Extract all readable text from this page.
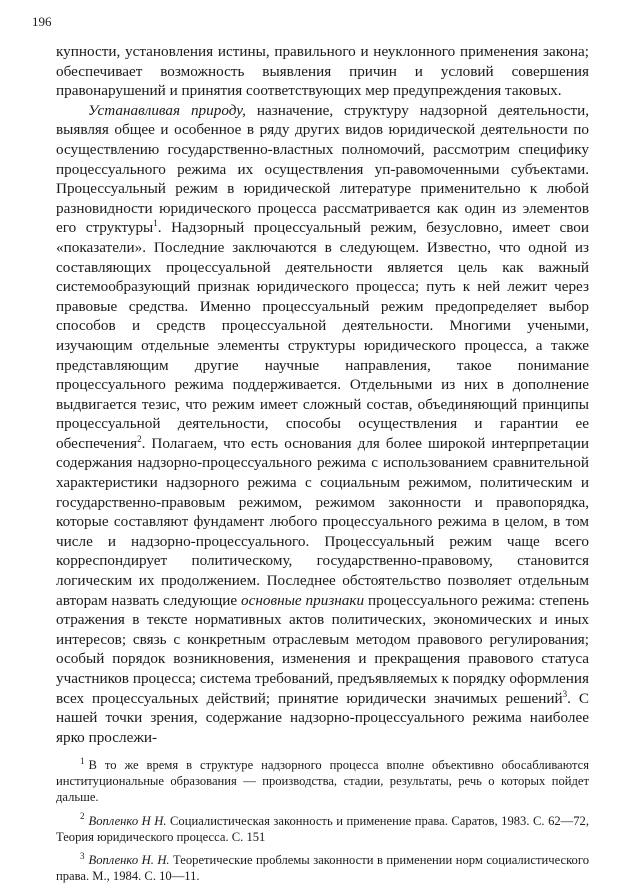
196

купности, установления истины, правильного и неуклонного применения закона; обеспечивает возможность выявления причин и условий совершения правонарушений и принятия соответствующих мер предупреждения таковых.

Устанавливая природу, назначение, структуру надзорной деятельности, выявляя общее и особенное в ряду других видов юридической деятельности по осуществлению государственно-властных полномочий, рассмотрим специфику процессуального режима их осуществления уп-равомоченными субъектами. Процессуальный режим в юридической литературе применительно к любой разновидности юридического процесса рассматривается как один из элементов его структуры$^1$. Надзорный процессуальный режим, безусловно, имеет свои «показатели». Последние заключаются в следующем. Известно, что одной из составляющих процессуальной деятельности является цель как важный системообразующий признак юридического процесса; путь к ней лежит через правовые средства. Именно процессуальный режим предопределяет выбор способов и средств процессуальной деятельности. Многими учеными, изучающим отдельные элементы структуры юридического процесса, а также представляющим другие научные направления, такое понимание процессуального режима поддерживается. Отдельными из них в дополнение выдвигается тезис, что режим имеет сложный состав, объединяющий принципы процессуальной деятельности, способы осуществления и гарантии ее обеспечения$^2$. Полагаем, что есть основания для более широкой интерпретации содержания надзорно-процессуального режима с использованием сравнительной характеристики надзорного режима с социальным режимом, политическим и государственно-правовым режимом, режимом законности и правопорядка, которые составляют фундамент любого процессуального режима в целом, в том числе и надзорно-процессуального. Процессуальный режим чаще всего корреспондирует политическому, государственно-правовому, становится логическим их продолжением. Последнее обстоятельство позволяет отдельным авторам назвать следующие основные признаки процессуального режима: степень отражения в тексте нормативных актов политических, экономических и иных интересов; связь с конкретным отраслевым методом правового регулирования; особый порядок возникновения, изменения и прекращения правового статуса участников процесса; система требований, предъявляемых к порядку оформления всех процессуальных действий; принятие юридически значимых решений$^3$. С нашей точки зрения, содержание надзорно-процессуального режима наиболее ярко прослежи-

$^1$ В то же время в структуре надзорного процесса вполне объективно обосабливаются институциональные образования — производства, стадии, результаты, речь о которых пойдет дальше.

$^2$ Вопленко Н Н. Социалистическая законность и применение права. Саратов, 1983. С. 62—72, Теория юридического процесса. С. 151

$^3$ Вопленко Н. Н. Теоретические проблемы законности в применении норм социалистического права. М., 1984. С. 10—11.
